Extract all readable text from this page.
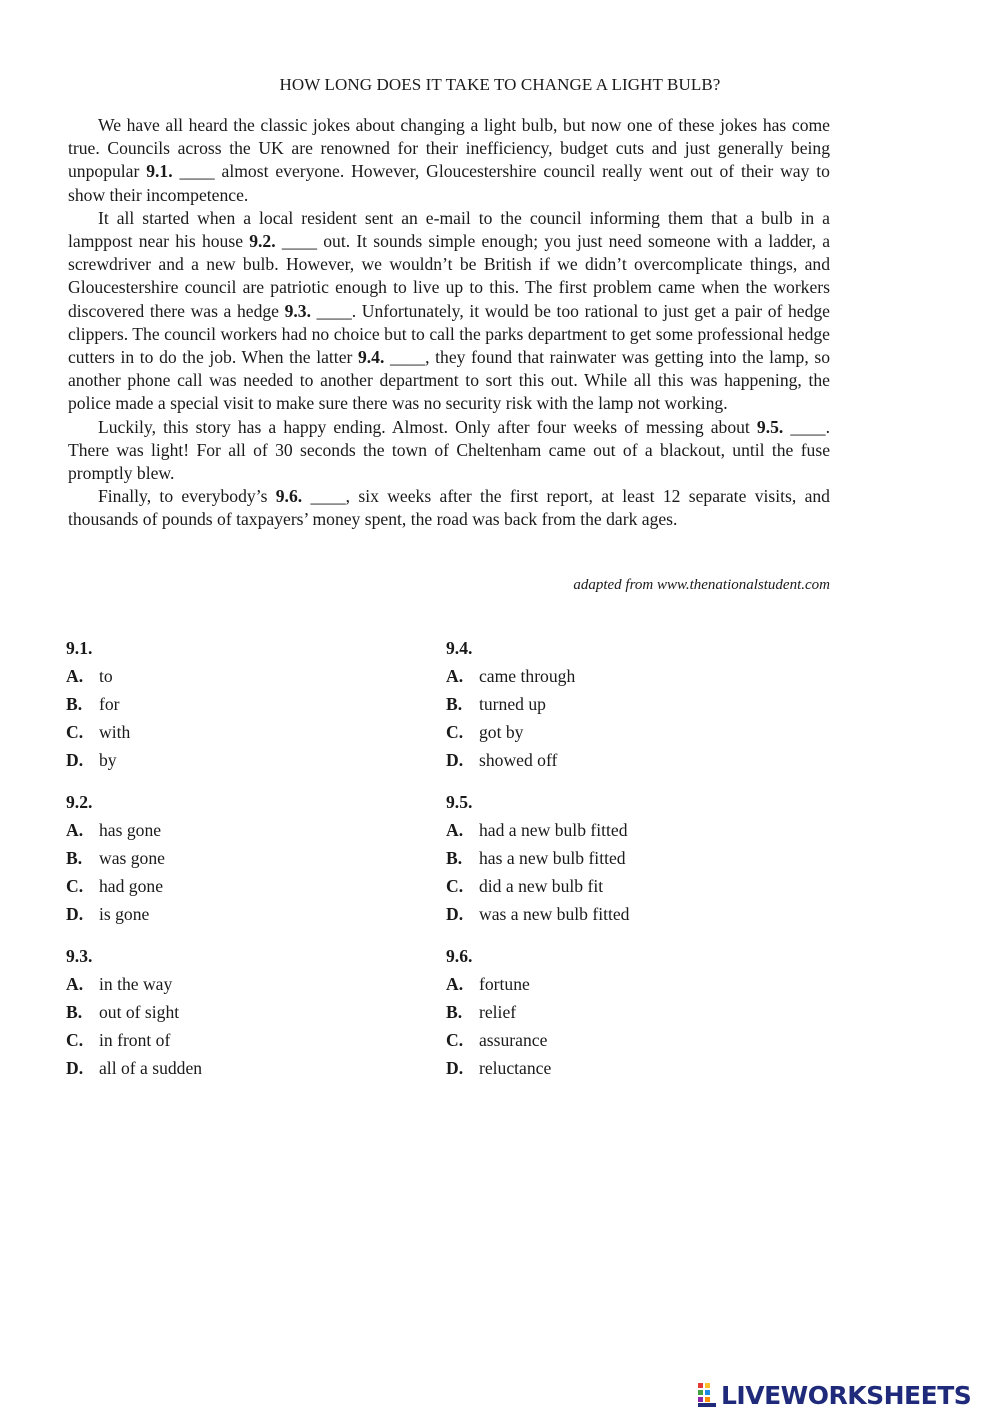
HOW LONG DOES IT TAKE TO CHANGE A LIGHT BULB?

We have all heard the classic jokes about changing a light bulb, but now one of these jokes has come true. Councils across the UK are renowned for their inefficiency, budget cuts and just generally being unpopular 9.1. ____ almost everyone. However, Gloucestershire council really went out of their way to show their incompetence.

It all started when a local resident sent an e-mail to the council informing them that a bulb in a lamppost near his house 9.2. ____ out. It sounds simple enough; you just need someone with a ladder, a screwdriver and a new bulb. However, we wouldn’t be British if we didn’t overcomplicate things, and Gloucestershire council are patriotic enough to live up to this. The first problem came when the workers discovered there was a hedge 9.3. ____. Unfortunately, it would be too rational to just get a pair of hedge clippers. The council workers had no choice but to call the parks department to get some professional hedge cutters in to do the job. When the latter 9.4. ____, they found that rainwater was getting into the lamp, so another phone call was needed to another department to sort this out. While all this was happening, the police made a special visit to make sure there was no security risk with the lamp not working.

Luckily, this story has a happy ending. Almost. Only after four weeks of messing about 9.5. ____. There was light! For all of 30 seconds the town of Cheltenham came out of a blackout, until the fuse promptly blew.

Finally, to everybody’s 9.6. ____, six weeks after the first report, at least 12 separate visits, and thousands of pounds of taxpayers’ money spent, the road was back from the dark ages.

adapted from www.thenationalstudent.com
9.1.
A. to
B. for
C. with
D. by
9.2.
A. has gone
B. was gone
C. had gone
D. is gone
9.3.
A. in the way
B. out of sight
C. in front of
D. all of a sudden
9.4.
A. came through
B. turned up
C. got by
D. showed off
9.5.
A. had a new bulb fitted
B. has a new bulb fitted
C. did a new bulb fit
D. was a new bulb fitted
9.6.
A. fortune
B. relief
C. assurance
D. reluctance
LIVEWORKSHEETS
